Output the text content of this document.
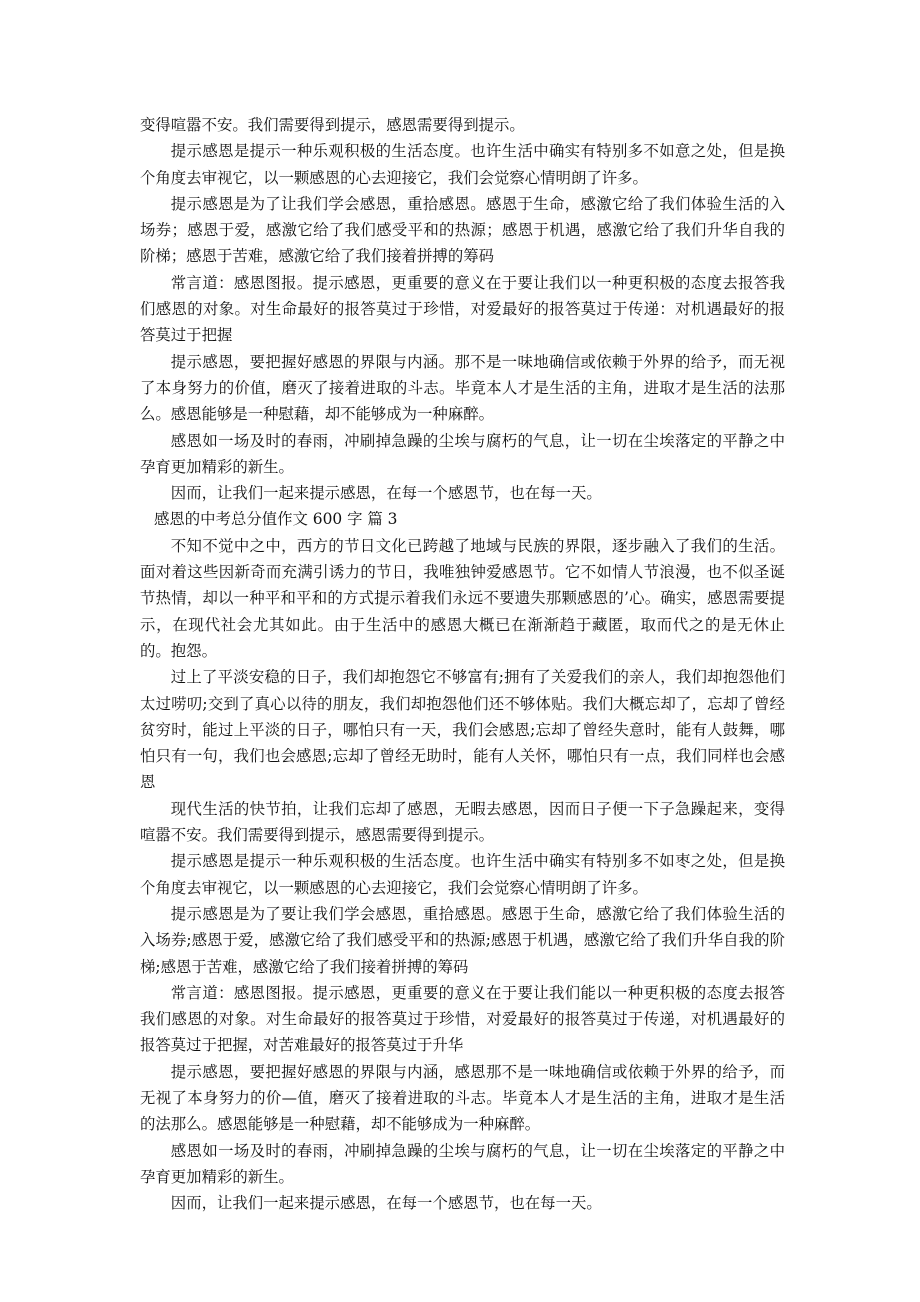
变得喧嚣不安。我们需要得到提示，感恩需要得到提示。

提示感恩是提示一种乐观积极的生活态度。也许生活中确实有特别多不如意之处，但是换个角度去审视它，以一颗感恩的心去迎接它，我们会觉察心情明朗了许多。

提示感恩是为了让我们学会感恩，重拾感恩。感恩于生命，感激它给了我们体验生活的入场券；感恩于爱，感激它给了我们感受平和的热源；感恩于机遇，感激它给了我们升华自我的阶梯；感恩于苦难，感激它给了我们接着拼搏的筹码

常言道：感恩图报。提示感恩，更重要的意义在于要让我们以一种更积极的态度去报答我们感恩的对象。对生命最好的报答莫过于珍惜，对爱最好的报答莫过于传递：对机遇最好的报答莫过于把握

提示感恩，要把握好感恩的界限与内涵。那不是一味地确信或依赖于外界的给予，而无视了本身努力的价值，磨灭了接着进取的斗志。毕竟本人才是生活的主角，进取才是生活的法那么。感恩能够是一种慰藉，却不能够成为一种麻醉。

感恩如一场及时的春雨，冲刷掉急躁的尘埃与腐朽的气息，让一切在尘埃落定的平静之中孕育更加精彩的新生。

因而，让我们一起来提示感恩，在每一个感恩节，也在每一天。

感恩的中考总分值作文 600 字 篇 3

不知不觉中之中，西方的节日文化已跨越了地域与民族的界限，逐步融入了我们的生活。面对着这些因新奇而充满引诱力的节日，我唯独钟爱感恩节。它不如情人节浪漫，也不似圣诞节热情，却以一种平和平和的方式提示着我们永远不要遗失那颗感恩的’心。确实，感恩需要提示，在现代社会尤其如此。由于生活中的感恩大概已在渐渐趋于藏匿，取而代之的是无休止的。抱怨。

过上了平淡安稳的日子，我们却抱怨它不够富有;拥有了关爱我们的亲人，我们却抱怨他们太过唠叨;交到了真心以待的朋友，我们却抱怨他们还不够体贴。我们大概忘却了，忘却了曾经贫穷时，能过上平淡的日子，哪怕只有一天，我们会感恩;忘却了曾经失意时，能有人鼓舞，哪怕只有一句，我们也会感恩;忘却了曾经无助时，能有人关怀，哪怕只有一点，我们同样也会感恩

现代生活的快节拍，让我们忘却了感恩，无暇去感恩，因而日子便一下子急躁起来，变得喧嚣不安。我们需要得到提示，感恩需要得到提示。

提示感恩是提示一种乐观积极的生活态度。也许生活中确实有特别多不如枣之处，但是换个角度去审视它，以一颗感恩的心去迎接它，我们会觉察心情明朗了许多。

提示感恩是为了要让我们学会感恩，重拾感恩。感恩于生命，感激它给了我们体验生活的入场券;感恩于爱，感激它给了我们感受平和的热源;感恩于机遇，感激它给了我们升华自我的阶梯;感恩于苦难，感激它给了我们接着拼搏的筹码

常言道：感恩图报。提示感恩，更重要的意义在于要让我们能以一种更积极的态度去报答我们感恩的对象。对生命最好的报答莫过于珍惜，对爱最好的报答莫过于传递，对机遇最好的报答莫过于把握，对苦难最好的报答莫过于升华

提示感恩，要把握好感恩的界限与内涵，感恩那不是一味地确信或依赖于外界的给予，而无视了本身努力的价—值，磨灭了接着进取的斗志。毕竟本人才是生活的主角，进取才是生活的法那么。感恩能够是一种慰藉，却不能够成为一种麻醉。

感恩如一场及时的春雨，冲刷掉急躁的尘埃与腐朽的气息，让一切在尘埃落定的平静之中孕育更加精彩的新生。

因而，让我们一起来提示感恩，在每一个感恩节，也在每一天。
